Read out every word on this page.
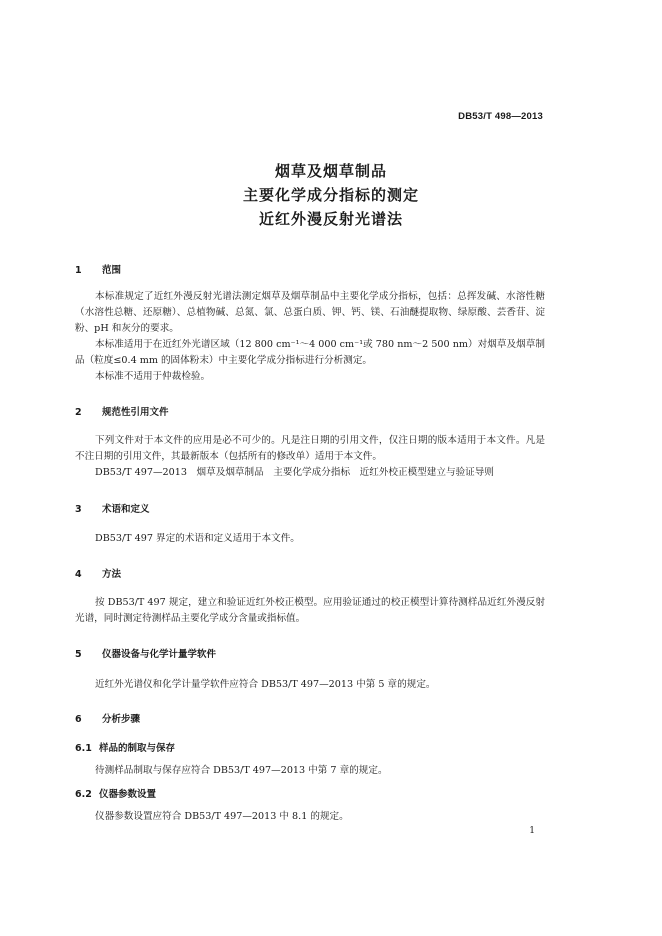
DB53/T 498—2013
烟草及烟草制品
主要化学成分指标的测定
近红外漫反射光谱法
1 范围

本标准规定了近红外漫反射光谱法测定烟草及烟草制品中主要化学成分指标，包括：总挥发碱、水溶性糖（水溶性总糖、还原糖）、总植物碱、总氮、氯、总蛋白质、钾、钙、镁、石油醚提取物、绿原酸、芸香苷、淀粉、pH 和灰分的要求。

本标准适用于在近红外光谱区域（12 800 cm⁻¹～4 000 cm⁻¹或 780 nm～2 500 nm）对烟草及烟草制品（粒度≤0.4 mm 的固体粉末）中主要化学成分指标进行分析测定。

本标准不适用于仲裁检验。

2 规范性引用文件

下列文件对于本文件的应用是必不可少的。凡是注日期的引用文件，仅注日期的版本适用于本文件。凡是不注日期的引用文件，其最新版本（包括所有的修改单）适用于本文件。

DB53/T 497—2013　烟草及烟草制品　主要化学成分指标　近红外校正模型建立与验证导则

3 术语和定义
DB53/T 497 界定的术语和定义适用于本文件。
4 方法

按 DB53/T 497 规定，建立和验证近红外校正模型。应用验证通过的校正模型计算待测样品近红外漫反射光谱，同时测定待测样品主要化学成分含量或指标值。

5 仪器设备与化学计量学软件
近红外光谱仪和化学计量学软件应符合 DB53/T 497—2013 中第 5 章的规定。
6 分析步骤
6.1 样品的制取与保存
待测样品制取与保存应符合 DB53/T 497—2013 中第 7 章的规定。
6.2 仪器参数设置
仪器参数设置应符合 DB53/T 497—2013 中 8.1 的规定。
1
